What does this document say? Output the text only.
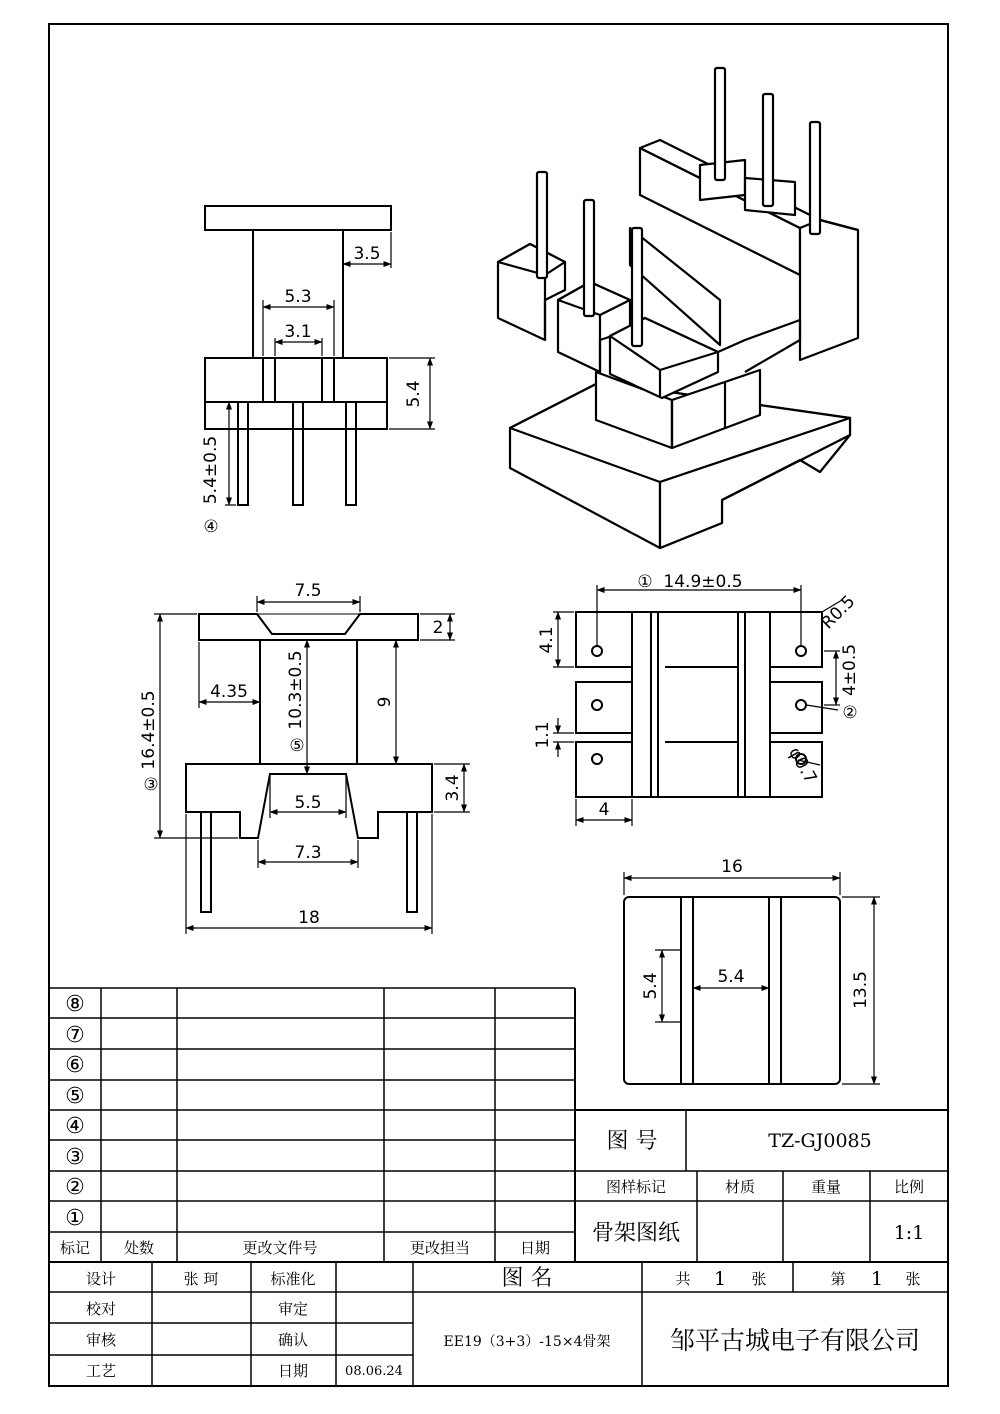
3.5
5.3
3.1
5.4
5.4±0.5
④
7.5
2
16.4±0.5
③
4.35 10.3±0.5
⑤
9
3.4
5.5
7.3
18
① 14.9±0.5
R0.5
4.1
4±0.5
②
1.1
φ0.7
4
16
13.5
5.4	5.4
⑧
⑦
⑥
⑤
④
③
②
①
标记 处数	更改文件号	更改担当	日期
图 号	TZ-GJ0085
图样标记	材质	重量	比例
骨架图纸	1:1
设计	张 珂	标准化	图 名	共 1 张	第 1 张
校对	审定
审核	确认
工艺	日期	08.06.24
EE19（3+3）-15×4骨架 邹平古城电子有限公司
